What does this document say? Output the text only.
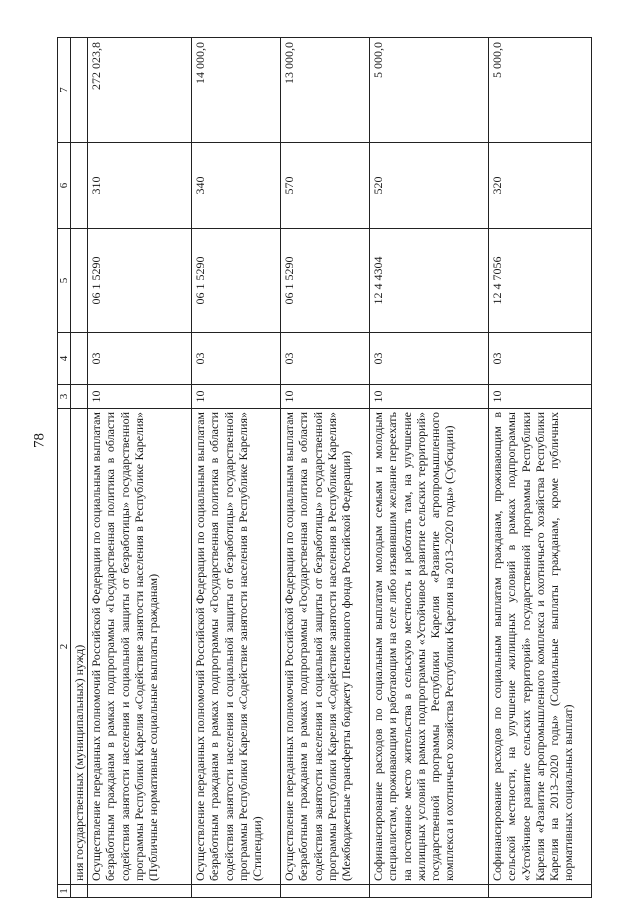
78
1	2	3	4	5	6	7
	ния государственных (муниципальных) нужд)					
	Осуществление переданных полномочий Российской Федерации по социальным выплатам безработным гражданам в рамках подпрограммы «Государственная политика в области содействия занятости населения и социальной защиты от безработицы» государственной программы Республики Карелия «Содействие занятости населения в Республике Карелия» (Публичные нормативные социальные выплаты гражданам)	10	03	06 1 5290	310	272 023,8
	Осуществление переданных полномочий Российской Федерации по социальным выплатам безработным гражданам в рамках подпрограммы «Государственная политика в области содействия занятости населения и социальной защиты от безработицы» государственной программы Республики Карелия «Содействие занятости населения в Республике Карелия» (Стипендии)	10	03	06 1 5290	340	14 000,0
	Осуществление переданных полномочий Российской Федерации по социальным выплатам безработным гражданам в рамках подпрограммы «Государственная политика в области содействия занятости населения и социальной защиты от безработицы» государственной программы Республики Карелия «Содействие занятости населения в Республике Карелия» (Межбюджетные трансферты бюджету Пенсионного фонда Российской Федерации)	10	03	06 1 5290	570	13 000,0
	Софинансирование расходов по социальным выплатам молодым семьям и молодым специалистам, проживающим и работающим на селе либо изъявившим желание переехать на постоянное место жительства в сельскую местность и работать там, на улучшение жилищных условий в рамках подпрограммы «Устойчивое развитие сельских территорий» государственной программы Республики Карелия «Развитие агропромышленного комплекса и охотничьего хозяйства Республики Карелия на 2013–2020 годы» (Субсидии)	10	03	12 4 4304	520	5 000,0
	Софинансирование расходов по социальным выплатам гражданам, проживающим в сельской местности, на улучшение жилищных условий в рамках подпрограммы «Устойчивое развитие сельских территорий» государственной программы Республики Карелия «Развитие агропромышленного комплекса и охотничьего хозяйства Республики Карелия на 2013–2020 годы» (Социальные выплаты гражданам, кроме публичных нормативных социальных выплат)	10	03	12 4 7056	320	5 000,0
